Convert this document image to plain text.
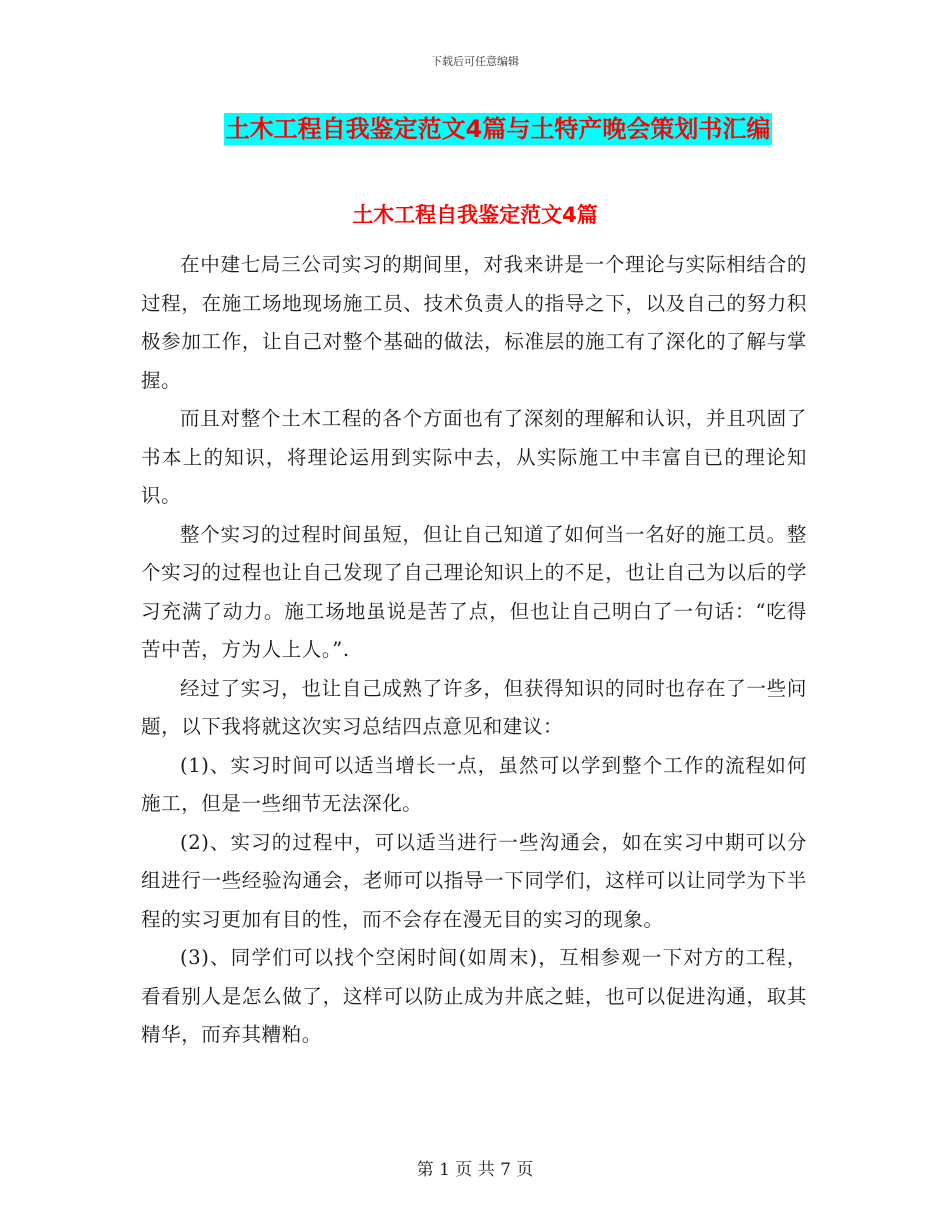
下载后可任意编辑
土木工程自我鉴定范文4篇与土特产晚会策划书汇编
土木工程自我鉴定范文4篇

在中建七局三公司实习的期间里，对我来讲是一个理论与实际相结合的过程，在施工场地现场施工员、技术负责人的指导之下，以及自己的努力积极参加工作，让自己对整个基础的做法，标准层的施工有了深化的了解与掌握。

而且对整个土木工程的各个方面也有了深刻的理解和认识，并且巩固了书本上的知识，将理论运用到实际中去，从实际施工中丰富自已的理论知识。

整个实习的过程时间虽短，但让自己知道了如何当一名好的施工员。整个实习的过程也让自己发现了自己理论知识上的不足，也让自己为以后的学习充满了动力。施工场地虽说是苦了点，但也让自己明白了一句话：“吃得苦中苦，方为人上人。”.

经过了实习，也让自己成熟了许多，但获得知识的同时也存在了一些问题，以下我将就这次实习总结四点意见和建议：

(1)、实习时间可以适当增长一点，虽然可以学到整个工作的流程如何施工，但是一些细节无法深化。

(2)、实习的过程中，可以适当进行一些沟通会，如在实习中期可以分组进行一些经验沟通会，老师可以指导一下同学们，这样可以让同学为下半程的实习更加有目的性，而不会存在漫无目的实习的现象。

(3)、同学们可以找个空闲时间(如周末)，互相参观一下对方的工程，看看别人是怎么做了，这样可以防止成为井底之蛙，也可以促进沟通，取其精华，而弃其糟粕。

第 1 页 共 7 页
